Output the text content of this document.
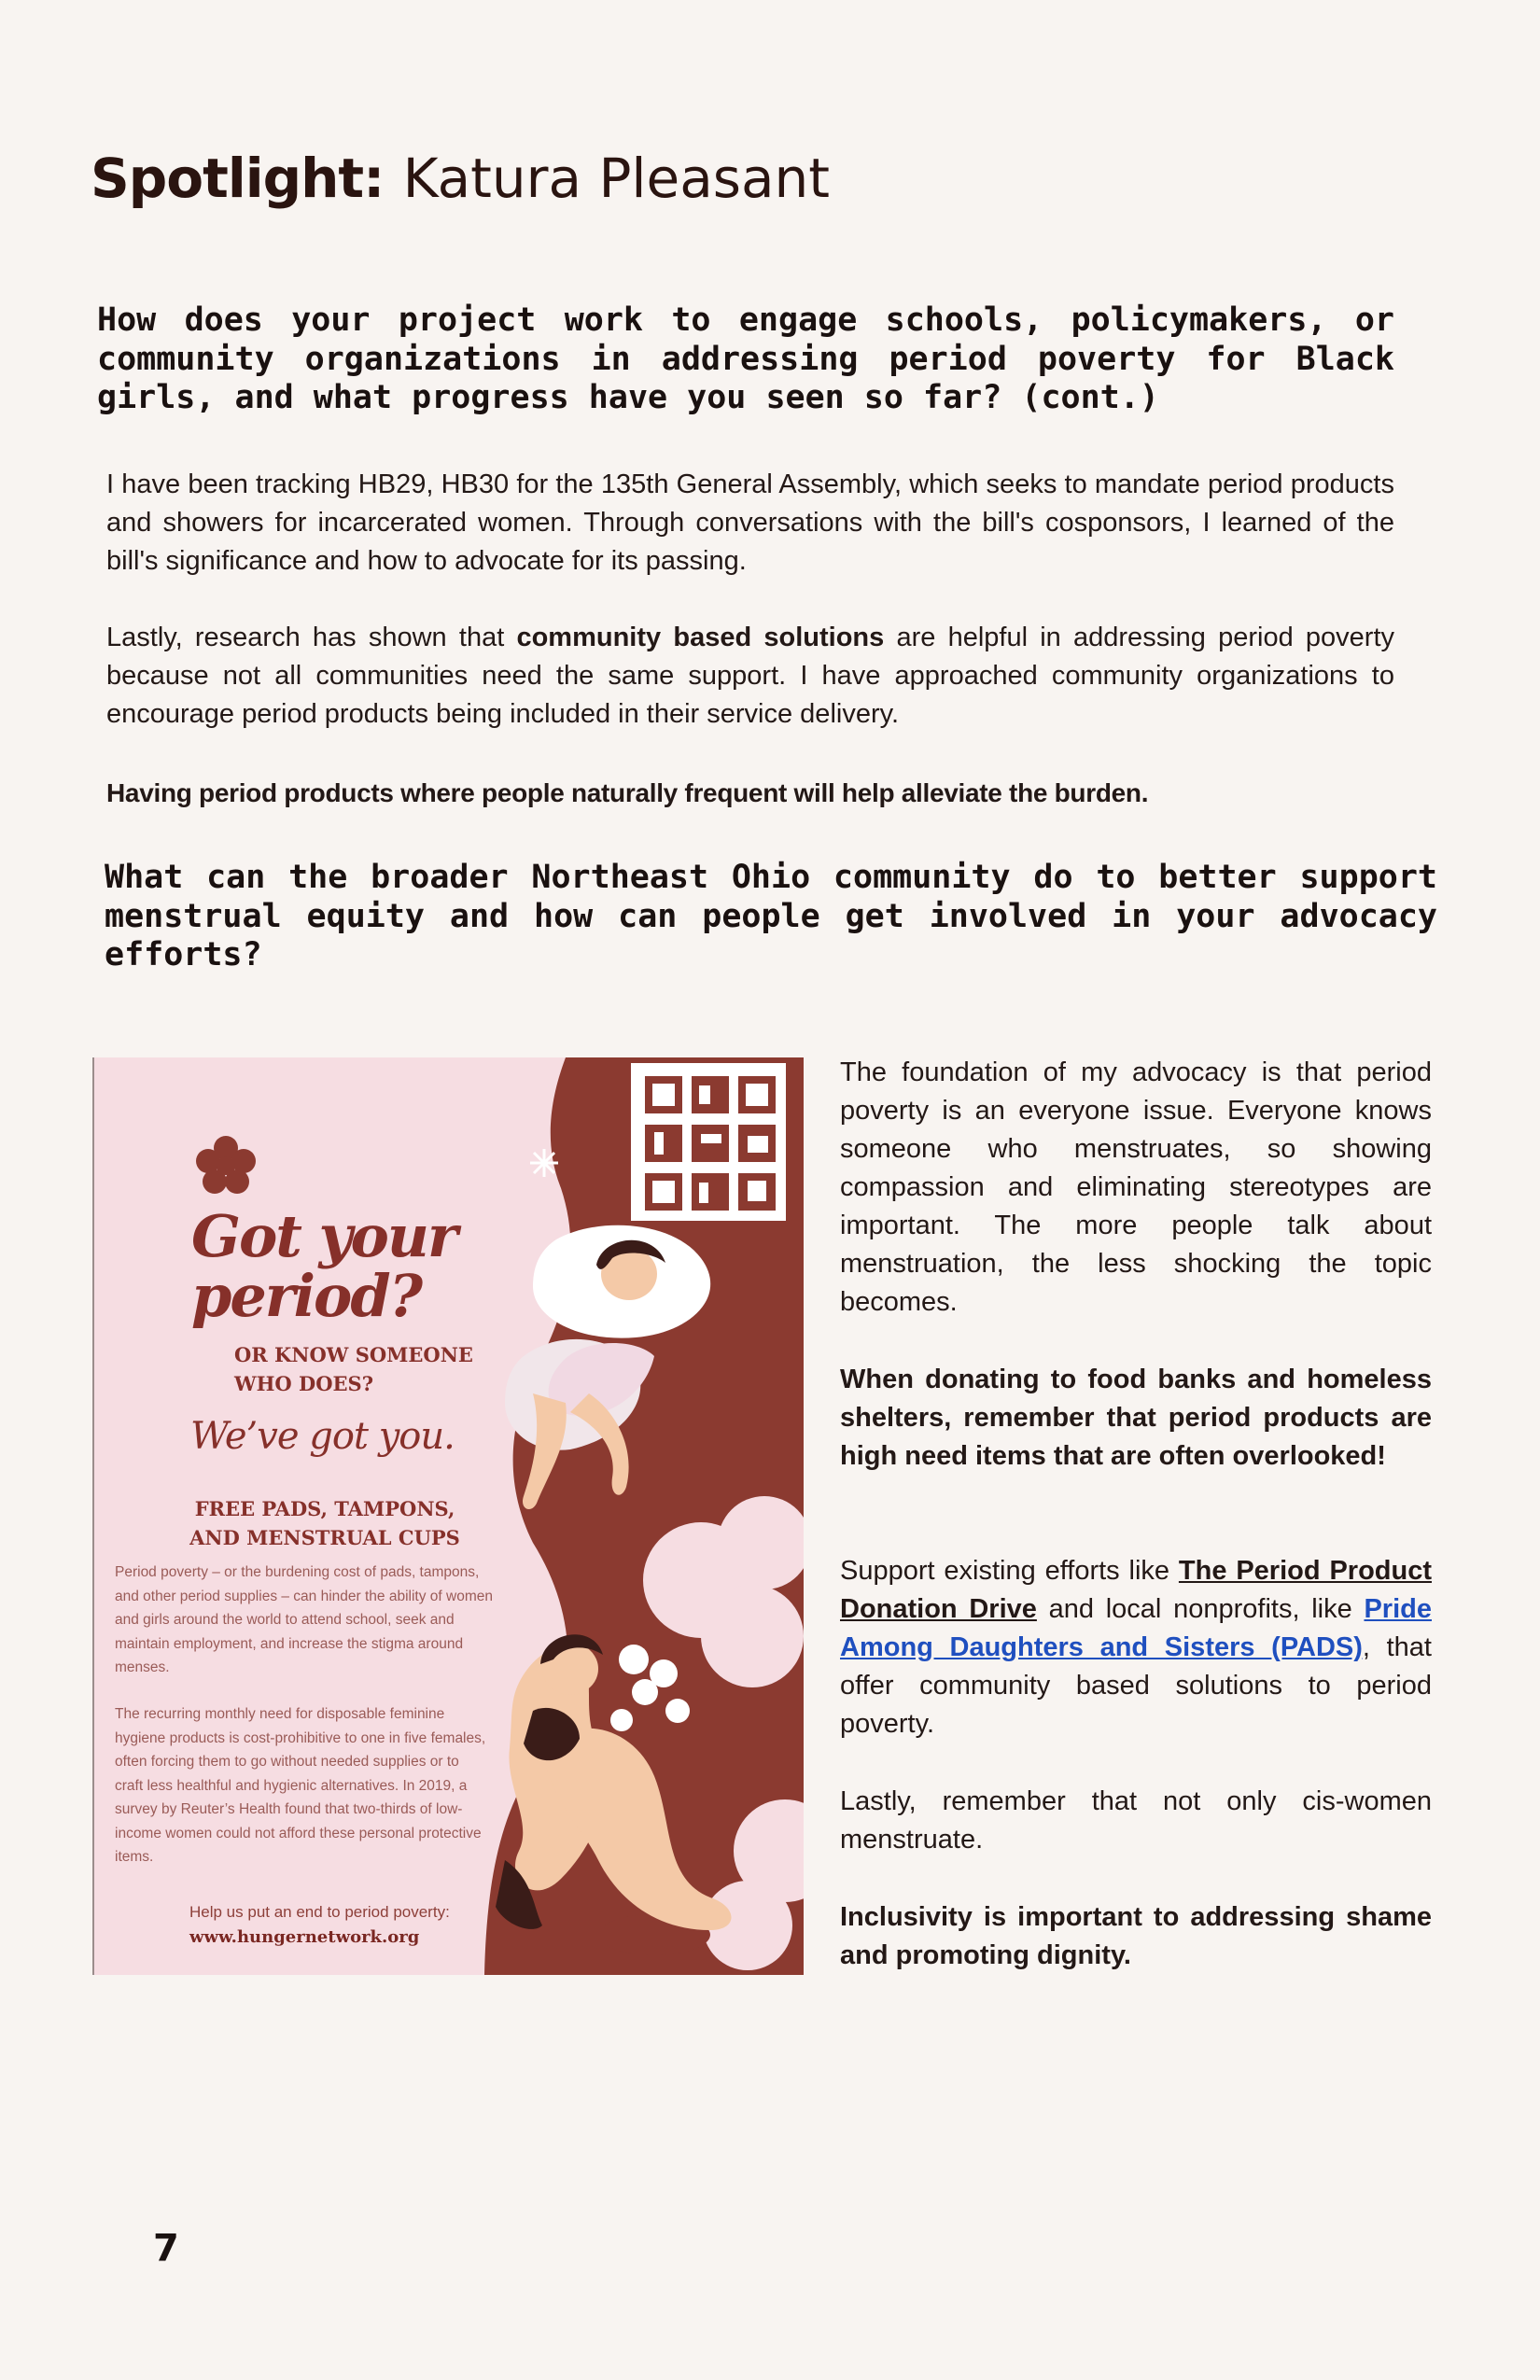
Spotlight: Katura Pleasant
How does your project work to engage schools, policymakers, or community organizations in addressing period poverty for Black girls, and what progress have you seen so far? (cont.)

I have been tracking HB29, HB30 for the 135th General Assembly, which seeks to mandate period products and showers for incarcerated women. Through conversations with the bill's cosponsors, I learned of the bill's significance and how to advocate for its passing.

Lastly, research has shown that community based solutions are helpful in addressing period poverty because not all communities need the same support. I have approached community organizations to encourage period products being included in their service delivery.

Having period products where people naturally frequent will help alleviate the burden.

What can the broader Northeast Ohio community do to better support menstrual equity and how can people get involved in your advocacy efforts?
Got your period?
OR KNOW SOMEONE WHO DOES?
We’ve got you.
FREE PADS, TAMPONS, AND MENSTRUAL CUPS

Period poverty – or the burdening cost of pads, tampons, and other period supplies – can hinder the ability of women and girls around the world to attend school, seek and maintain employment, and increase the stigma around menses.

The recurring monthly need for disposable feminine hygiene products is cost-prohibitive to one in five females, often forcing them to go without needed supplies or to craft less healthful and hygienic alternatives. In 2019, a survey by Reuter’s Health found that two-thirds of low-income women could not afford these personal protective items.

Help us put an end to period poverty:
www.hungernetwork.org

The foundation of my advocacy is that period poverty is an everyone issue. Everyone knows someone who menstruates, so showing compassion and eliminating stereotypes are important. The more people talk about menstruation, the less shocking the topic becomes.

When donating to food banks and homeless shelters, remember that period products are high need items that are often overlooked!

Support existing efforts like The Period Product Donation Drive and local nonprofits, like Pride Among Daughters and Sisters (PADS), that offer community based solutions to period poverty.

Lastly, remember that not only cis-women menstruate.

Inclusivity is important to addressing shame and promoting dignity.

7
